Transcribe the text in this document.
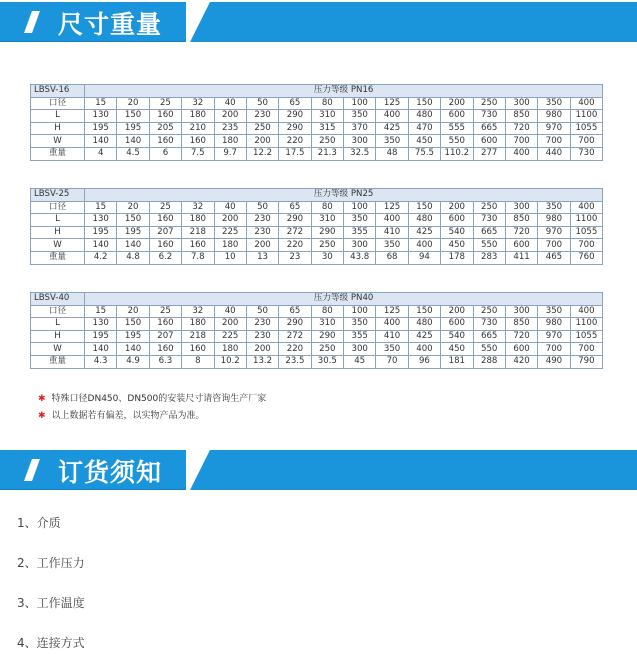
尺寸重量
LBSV-16	压力等级 PN16															
口径	15	20	25	32	40	50	65	80	100	125	150	200	250	300	350	400
L	130	150	160	180	200	230	290	310	350	400	480	600	730	850	980	1100
H	195	195	205	210	235	250	290	315	370	425	470	555	665	720	970	1055
W	140	140	160	160	180	200	220	250	300	350	450	550	600	700	700	700
重量	4	4.5	6	7.5	9.7	12.2	17.5	21.3	32.5	48	75.5	110.2	277	400	440	730
LBSV-25	压力等级 PN25															
口径	15	20	25	32	40	50	65	80	100	125	150	200	250	300	350	400
L	130	150	160	180	200	230	290	310	350	400	480	600	730	850	980	1100
H	195	195	207	218	225	230	272	290	355	410	425	540	665	720	970	1055
W	140	140	160	160	180	200	220	250	300	350	400	450	550	600	700	700
重量	4.2	4.8	6.2	7.8	10	13	23	30	43.8	68	94	178	283	411	465	760
LBSV-40	压力等级 PN40															
口径	15	20	25	32	40	50	65	80	100	125	150	200	250	300	350	400
L	130	150	160	180	200	230	290	310	350	400	480	600	730	850	980	1100
H	195	195	207	218	225	230	272	290	355	410	425	540	665	720	970	1055
W	140	140	160	160	180	200	220	250	300	350	400	450	550	600	700	700
重量	4.3	4.9	6.3	8	10.2	13.2	23.5	30.5	45	70	96	181	288	420	490	790
✱ 特殊口径DN450、DN500的安装尺寸请咨询生产厂家
✱ 以上数据若有偏差，以实物产品为准。
订货须知
1、介质
2、工作压力
3、工作温度
4、连接方式
